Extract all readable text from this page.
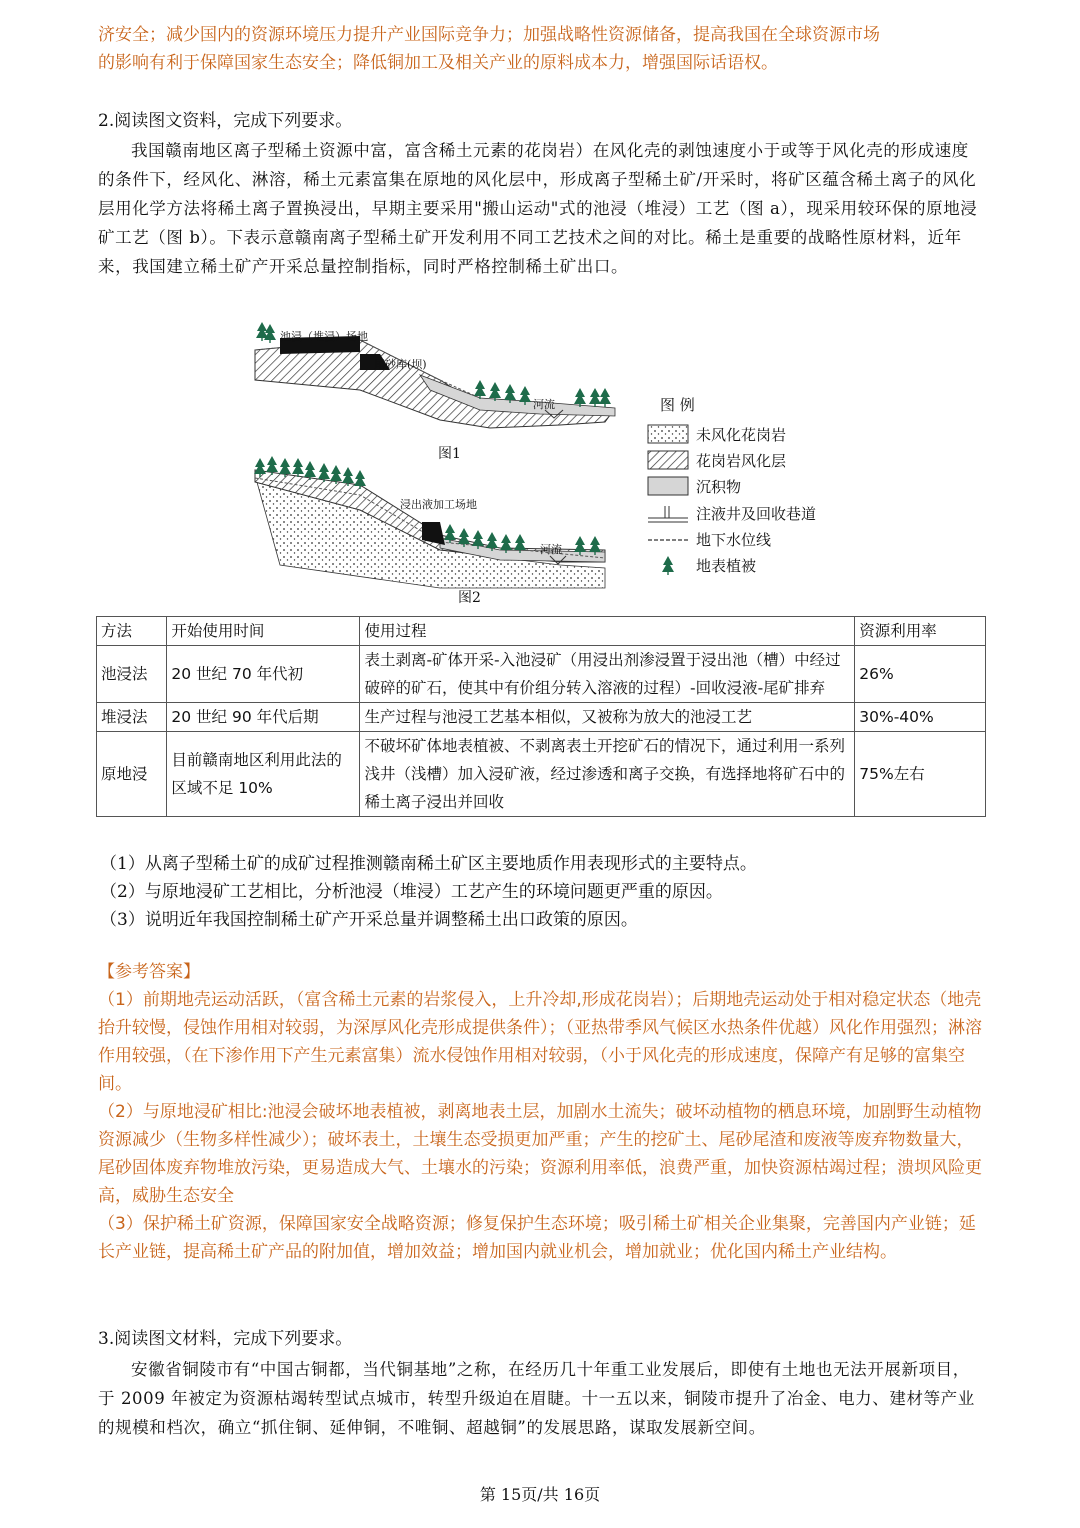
济安全；减少国内的资源环境压力提升产业国际竞争力；加强战略性资源储备，提高我国在全球资源市场
的影响有利于保障国家生态安全；降低铜加工及相关产业的原料成本力，增强国际话语权。
2.阅读图文资料，完成下列要求。

我国赣南地区离子型稀土资源中富，富含稀土元素的花岗岩）在风化壳的剥蚀速度小于或等于风化壳的形成速度的条件下，经风化、淋溶，稀土元素富集在原地的风化层中，形成离子型稀土矿/开采时，将矿区蕴含稀土离子的风化层用化学方法将稀土离子置换浸出，早期主要采用"搬山运动"式的池浸（堆浸）工艺（图 a），现采用较环保的原地浸矿工艺（图 b）。下表示意赣南离子型稀土矿开发利用不同工艺技术之间的对比。稀土是重要的战略性原材料，近年来，我国建立稀土矿产开采总量控制指标，同时严格控制稀土矿出口。

池浸（堆浸）场地
尾砂库(坝)
河流
图1
浸出液加工场地
河流
图2
图 例
未风化花岗岩
花岗岩风化层
沉积物
注液井及回收巷道
地下水位线
地表植被
方法	开始使用时间	使用过程	资源利用率
池浸法	20 世纪 70 年代初	表土剥离-矿体开采-入池浸矿（用浸出剂渗浸置于浸出池（槽）中经过破碎的矿石，使其中有价组分转入溶液的过程）-回收浸液-尾矿排弃	26%
堆浸法	20 世纪 90 年代后期	生产过程与池浸工艺基本相似，又被称为放大的池浸工艺	30%-40%
原地浸	目前赣南地区利用此法的区域不足 10%	不破坏矿体地表植被、不剥离表土开挖矿石的情况下，通过利用一系列浅井（浅槽）加入浸矿液，经过渗透和离子交换，有选择地将矿石中的稀土离子浸出并回收	75%左右
（1）从离子型稀土矿的成矿过程推测赣南稀土矿区主要地质作用表现形式的主要特点。
（2）与原地浸矿工艺相比，分析池浸（堆浸）工艺产生的环境问题更严重的原因。
（3）说明近年我国控制稀土矿产开采总量并调整稀土出口政策的原因。
【参考答案】
（1）前期地壳运动活跃，（富含稀土元素的岩浆侵入，上升冷却,形成花岗岩）；后期地壳运动处于相对稳定状态（地壳抬升较慢，侵蚀作用相对较弱，为深厚风化壳形成提供条件）；（亚热带季风气候区水热条件优越）风化作用强烈；淋溶作用较强，（在下渗作用下产生元素富集）流水侵蚀作用相对较弱，（小于风化壳的形成速度，保障产有足够的富集空间。
（2）与原地浸矿相比:池浸会破坏地表植被，剥离地表土层，加剧水土流失；破坏动植物的栖息环境，加剧野生动植物资源减少（生物多样性减少）；破坏表土，土壤生态受损更加严重；产生的挖矿土、尾砂尾渣和废液等废弃物数量大，尾砂固体废弃物堆放污染，更易造成大气、土壤水的污染；资源利用率低，浪费严重，加快资源枯竭过程；溃坝风险更高，威胁生态安全
（3）保护稀土矿资源，保障国家安全战略资源；修复保护生态环境；吸引稀土矿相关企业集聚，完善国内产业链；延长产业链，提高稀土矿产品的附加值，增加效益；增加国内就业机会，增加就业；优化国内稀土产业结构。
3.阅读图文材料，完成下列要求。

安徽省铜陵市有“中国古铜都，当代铜基地”之称，在经历几十年重工业发展后，即使有土地也无法开展新项目，于 2009 年被定为资源枯竭转型试点城市，转型升级迫在眉睫。十一五以来，铜陵市提升了冶金、电力、建材等产业的规模和档次，确立“抓住铜、延伸铜，不唯铜、超越铜”的发展思路，谋取发展新空间。

第 15页/共 16页
